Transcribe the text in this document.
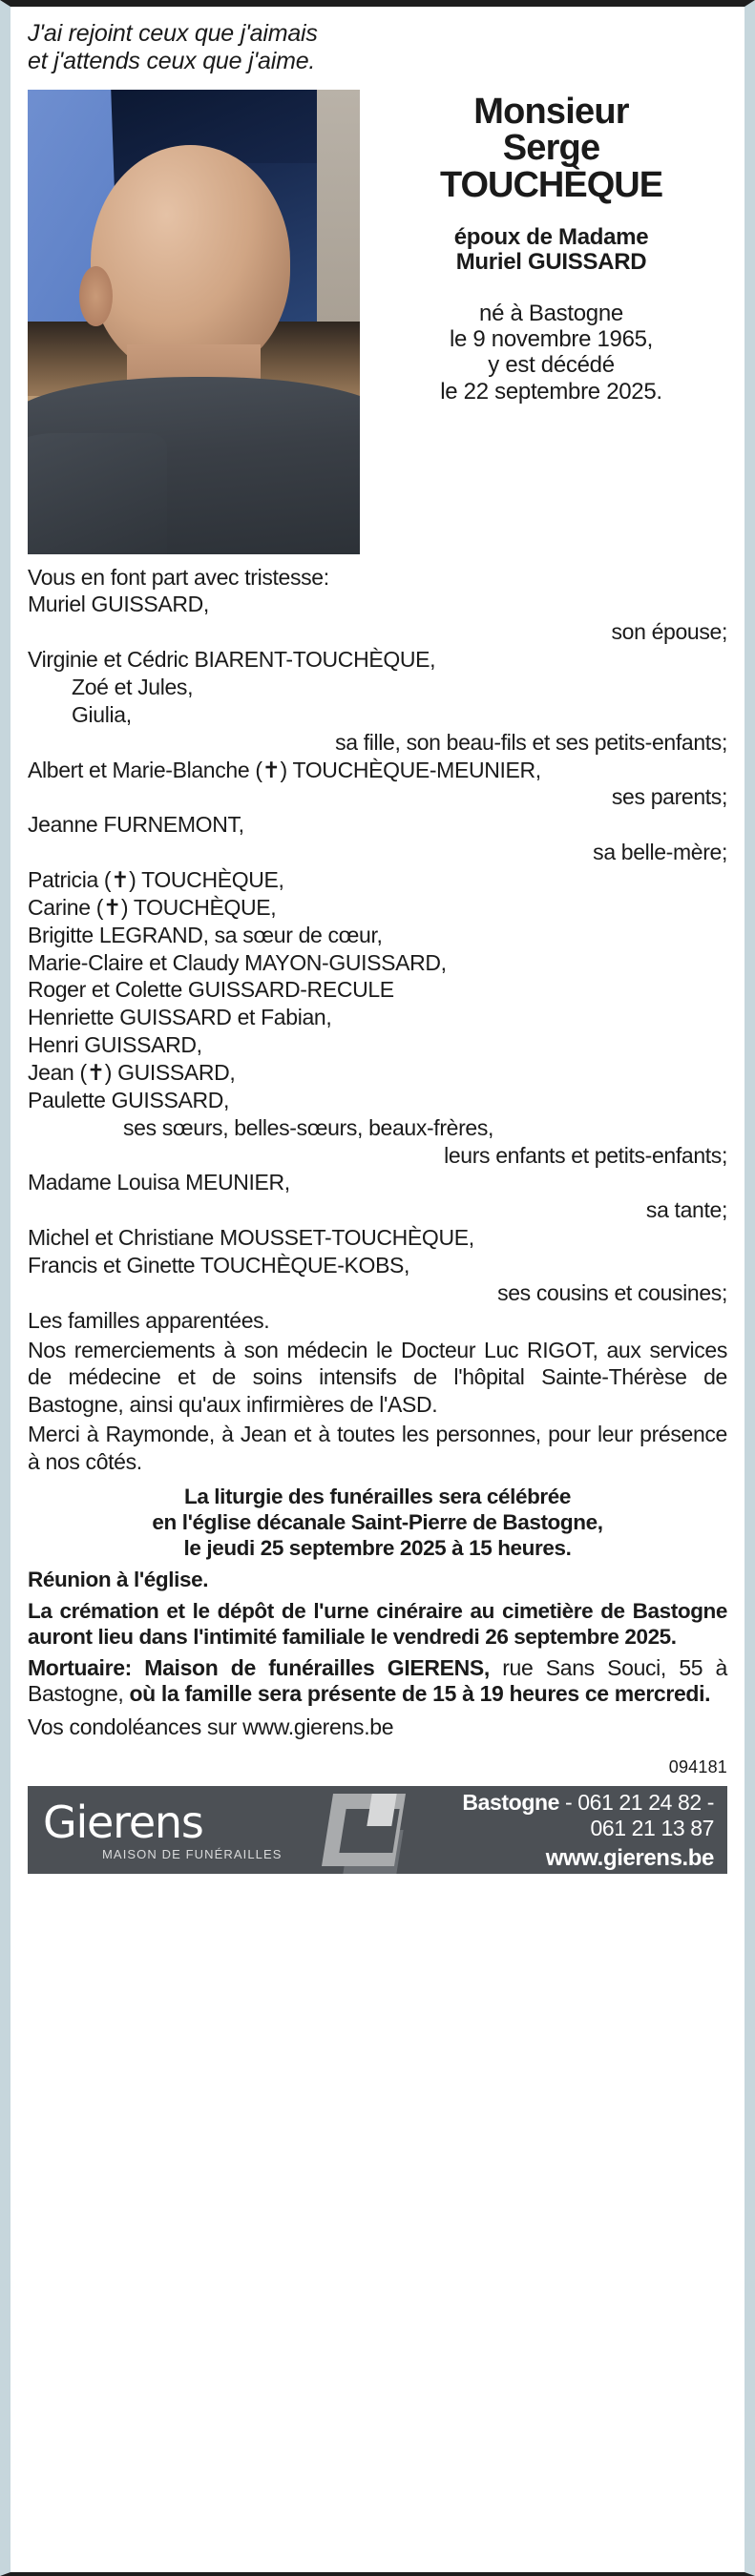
J'ai rejoint ceux que j'aimais
et j'attends ceux que j'aime.
Monsieur
Serge
TOUCHÈQUE
époux de Madame
Muriel GUISSARD
né à Bastogne
le 9 novembre 1965,
y est décédé
le 22 septembre 2025.
Vous en font part avec tristesse:
Muriel GUISSARD,
son épouse;
Virginie et Cédric BIARENT-TOUCHÈQUE,
Zoé et Jules,
Giulia,
sa fille, son beau-fils et ses petits-enfants;
Albert et Marie-Blanche (✝) TOUCHÈQUE-MEUNIER,
ses parents;
Jeanne FURNEMONT,
sa belle-mère;
Patricia (✝) TOUCHÈQUE,
Carine (✝) TOUCHÈQUE,
Brigitte LEGRAND, sa sœur de cœur,
Marie-Claire et Claudy MAYON-GUISSARD,
Roger et Colette GUISSARD-RECULE
Henriette GUISSARD et Fabian,
Henri GUISSARD,
Jean (✝) GUISSARD,
Paulette GUISSARD,
ses sœurs, belles-sœurs, beaux-frères,
leurs enfants et petits-enfants;
Madame Louisa MEUNIER,
sa tante;
Michel et Christiane MOUSSET-TOUCHÈQUE,
Francis et Ginette TOUCHÈQUE-KOBS,
ses cousins et cousines;
Les familles apparentées.
Nos remerciements à son médecin le Docteur Luc RIGOT, aux services de médecine et de soins intensifs de l'hôpital Sainte-Thérèse de Bastogne, ainsi qu'aux infirmières de l'ASD.
Merci à Raymonde, à Jean et à toutes les personnes, pour leur présence à nos côtés.
La liturgie des funérailles sera célébrée
en l'église décanale Saint-Pierre de Bastogne,
le jeudi 25 septembre 2025 à 15 heures.
Réunion à l'église.
La crémation et le dépôt de l'urne cinéraire au cimetière de Bastogne auront lieu dans l'intimité familiale le vendredi 26 septembre 2025.
Mortuaire: Maison de funérailles GIERENS, rue Sans Souci, 55 à Bastogne, où la famille sera présente de 15 à 19 heures ce mercredi.
Vos condoléances sur www.gierens.be
094181
Gierens
MAISON DE FUNÉRAILLES
Bastogne - 061 21 24 82 - 061 21 13 87
www.gierens.be
